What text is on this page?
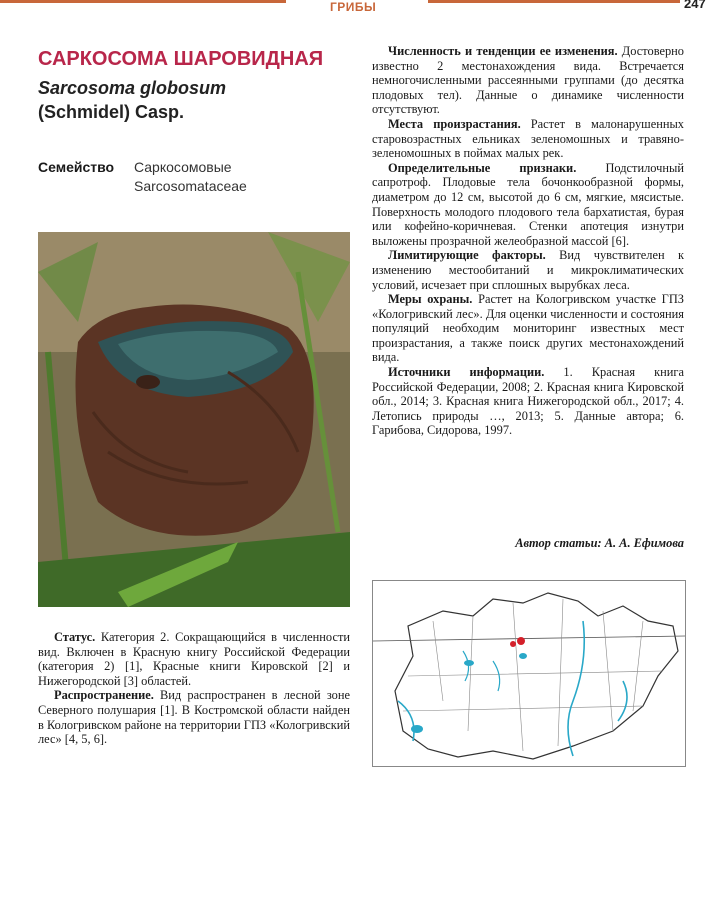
ГРИБЫ	247
САРКОСОМА ШАРОВИДНАЯ
Sarcosoma globosum
(Schmidel) Casp.
Семейство Саркосомовые
Sarcosomataceae

Статус. Категория 2. Сокращающийся в численности вид. Включен в Красную книгу Российской Федерации (категория 2) [1], Красные книги Кировской [2] и Нижегородской [3] областей.

Распространение. Вид распространен в лесной зоне Северного полушария [1]. В Костромской области найден в Кологривском районе на территории ГПЗ «Кологривский лес» [4, 5, 6].

Численность и тенденции ее изменения. Достоверно известно 2 местонахождения вида. Встречается немногочисленными рассеянными группами (до десятка плодовых тел). Данные о динамике численности отсутствуют.

Места произрастания. Растет в малонарушенных старовозрастных ельниках зеленомошных и травяно-зеленомошных в поймах малых рек.

Определительные признаки. Подстилочный сапротроф. Плодовые тела бочонкообразной формы, диаметром до 12 см, высотой до 6 см, мягкие, мясистые. Поверхность молодого плодового тела бархатистая, бурая или кофейно-коричневая. Стенки апотеция изнутри выложены прозрачной желеобразной массой [6].

Лимитирующие факторы. Вид чувствителен к изменению местообитаний и микроклиматических условий, исчезает при сплошных вырубках леса.

Меры охраны. Растет на Кологривском участке ГПЗ «Кологривский лес». Для оценки численности и состояния популяций необходим мониторинг известных мест произрастания, а также поиск других местонахождений вида.

Источники информации. 1. Красная книга Российской Федерации, 2008; 2. Красная книга Кировской обл., 2014; 3. Красная книга Нижегородской обл., 2017; 4. Летопись природы …, 2013; 5. Данные автора; 6. Гарибова, Сидорова, 1997.

Автор статьи: А. А. Ефимова
